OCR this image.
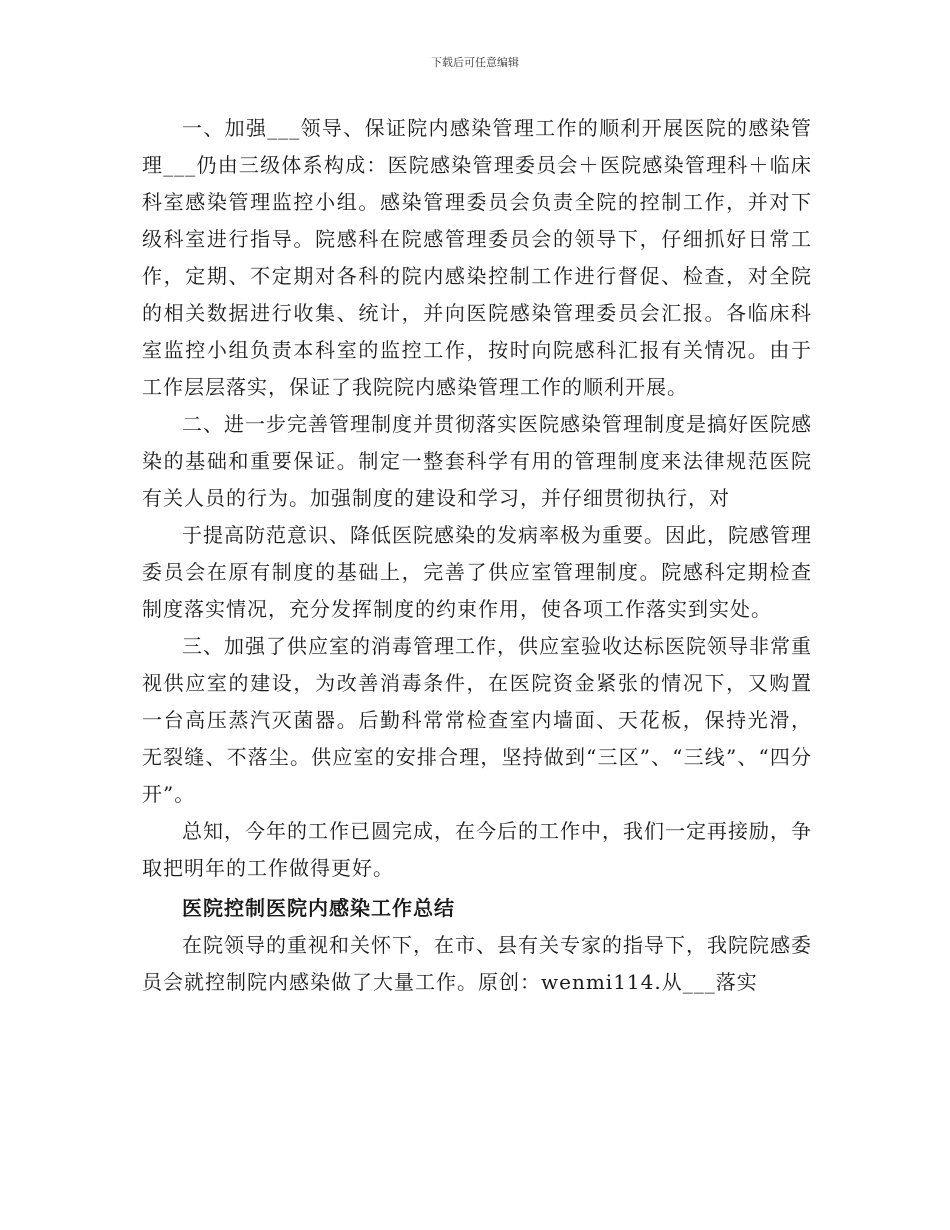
下载后可任意编辑

一、加强___领导、保证院内感染管理工作的顺利开展医院的感染管理___仍由三级体系构成：医院感染管理委员会＋医院感染管理科＋临床科室感染管理监控小组。感染管理委员会负责全院的控制工作，并对下级科室进行指导。院感科在院感管理委员会的领导下，仔细抓好日常工作，定期、不定期对各科的院内感染控制工作进行督促、检查，对全院的相关数据进行收集、统计，并向医院感染管理委员会汇报。各临床科室监控小组负责本科室的监控工作，按时向院感科汇报有关情况。由于工作层层落实，保证了我院院内感染管理工作的顺利开展。

二、进一步完善管理制度并贯彻落实医院感染管理制度是搞好医院感染的基础和重要保证。制定一整套科学有用的管理制度来法律规范医院有关人员的行为。加强制度的建设和学习，并仔细贯彻执行，对

于提高防范意识、降低医院感染的发病率极为重要。因此，院感管理委员会在原有制度的基础上，完善了供应室管理制度。院感科定期检查制度落实情况，充分发挥制度的约束作用，使各项工作落实到实处。

三、加强了供应室的消毒管理工作，供应室验收达标医院领导非常重视供应室的建设，为改善消毒条件，在医院资金紧张的情况下，又购置一台高压蒸汽灭菌器。后勤科常常检查室内墙面、天花板，保持光滑，无裂缝、不落尘。供应室的安排合理，坚持做到“三区”、“三线”、“四分开”。

总知，今年的工作已圆完成，在今后的工作中，我们一定再接励，争取把明年的工作做得更好。

医院控制医院内感染工作总结

在院领导的重视和关怀下，在市、县有关专家的指导下，我院院感委员会就控制院内感染做了大量工作。原创：wenmi114.从___落实
